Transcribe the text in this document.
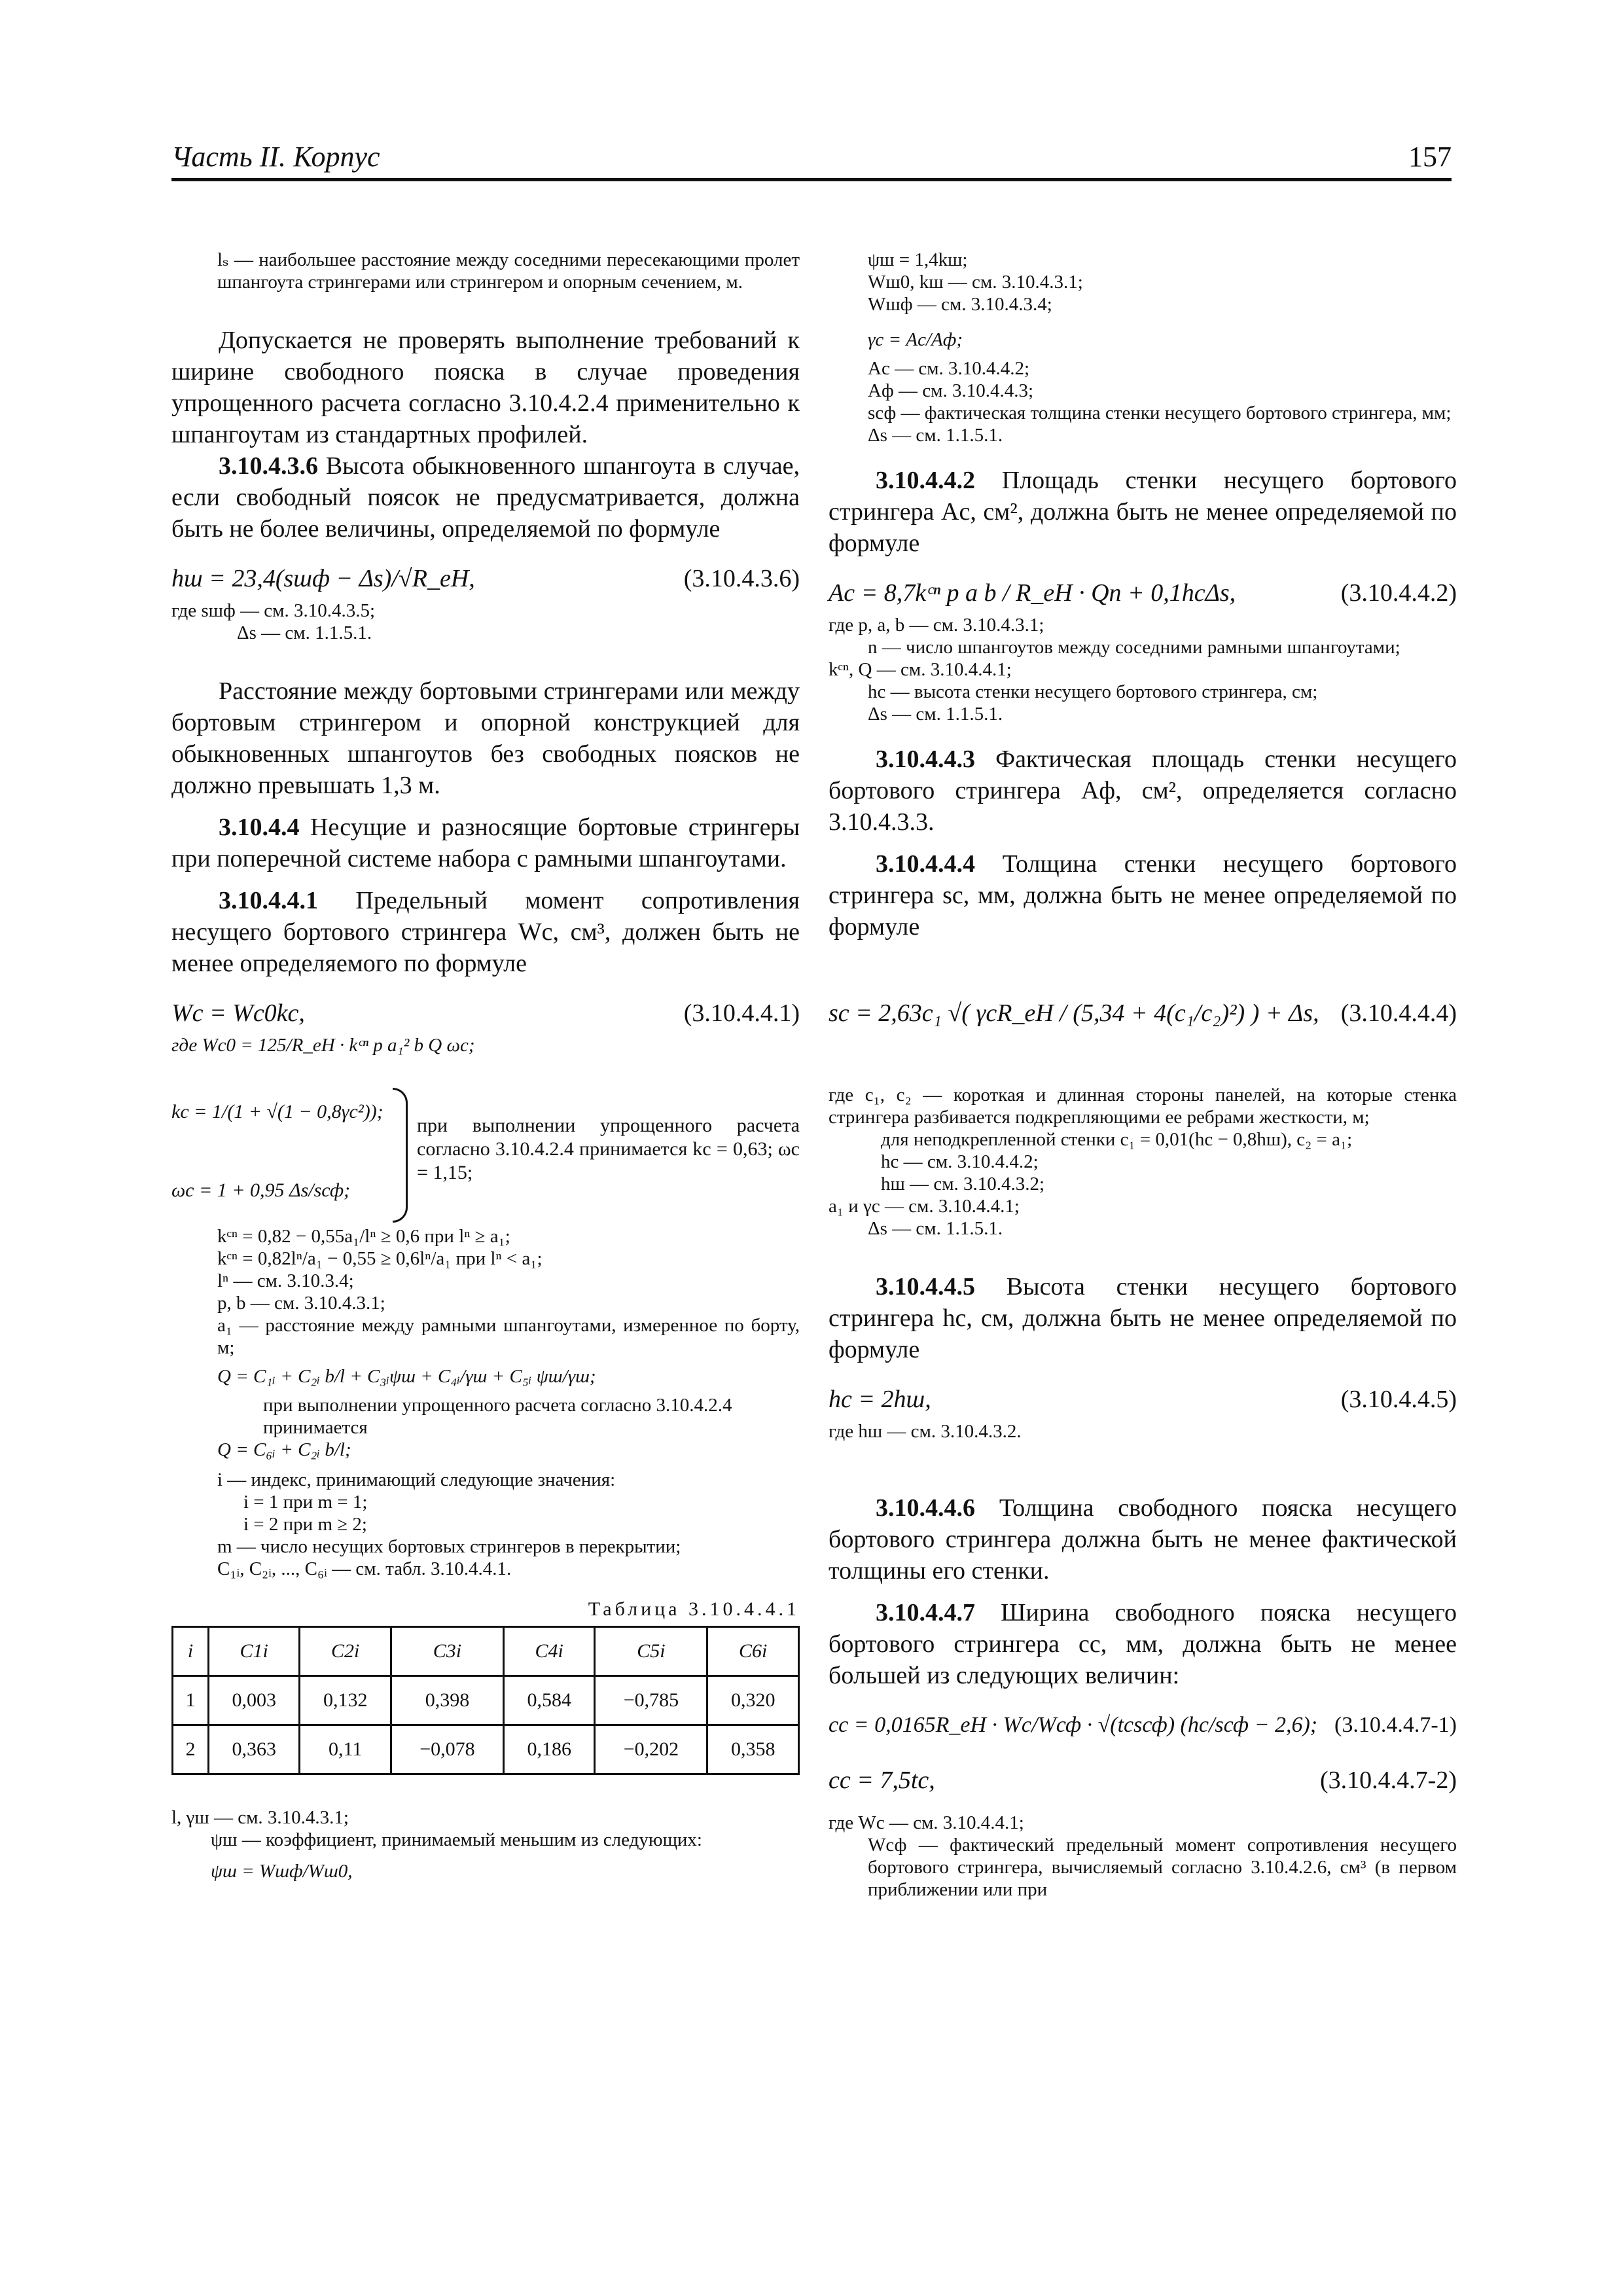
Часть II. Корпус	157

lₛ — наибольшее расстояние между соседними пересекающими пролет шпангоута стрингерами или стрингером и опорным сечением, м.

Допускается не проверять выполнение требований к ширине свободного пояска в случае проведения упрощенного расчета согласно 3.10.4.2.4 применительно к шпангоутам из стандартных профилей.

3.10.4.3.6 Высота обыкновенного шпангоута в случае, если свободный поясок не предусматривается, должна быть не более величины, определяемой по формуле

hш = 23,4(sшф − Δs)/√R_eH,	(3.10.4.3.6)

где sшф — см. 3.10.4.3.5;

Δs — см. 1.1.5.1.

Расстояние между бортовыми стрингерами или между бортовым стрингером и опорной конструкцией для обыкновенных шпангоутов без свободных поясков не должно превышать 1,3 м.

3.10.4.4 Несущие и разносящие бортовые стрингеры при поперечной системе набора с рамными шпангоутами.

3.10.4.4.1 Предельный момент сопротивления несущего бортового стрингера Wс, см³, должен быть не менее определяемого по формуле

Wс = Wс0kс,	(3.10.4.4.1)

где Wс0 = 125/R_eH · kᶜⁿ p a₁² b Q ωс;

kс = 1/(1 + √(1 − 0,8γс²));
ωс = 1 + 0,95 Δs/sсф;
при выполнении упрощенного расчета согласно 3.10.4.2.4 принимается kс = 0,63; ωс = 1,15;

kᶜⁿ = 0,82 − 0,55a₁/lⁿ ≥ 0,6 при lⁿ ≥ a₁;

kᶜⁿ = 0,82lⁿ/a₁ − 0,55 ≥ 0,6lⁿ/a₁ при lⁿ < a₁;

lⁿ — см. 3.10.3.4;

p, b — см. 3.10.4.3.1;

a₁ — расстояние между рамными шпангоутами, измеренное по борту, м;

Q = C₁ᵢ + C₂ᵢ b/l + C₃ᵢψш + C₄ᵢ/γш + C₅ᵢ ψш/γш;

при выполнении упрощенного расчета согласно 3.10.4.2.4 принимается

Q = C₆ᵢ + C₂ᵢ b/l;

i — индекс, принимающий следующие значения:

i = 1 при m = 1;

i = 2 при m ≥ 2;

m — число несущих бортовых стрингеров в перекрытии;

C₁ᵢ, C₂ᵢ, ..., C₆ᵢ — см. табл. 3.10.4.4.1.

Таблица 3.10.4.4.1

i	C1i	C2i	C3i	C4i	C5i	C6i
1	0,003	0,132	0,398	0,584	−0,785	0,320
2	0,363	0,11	−0,078	0,186	−0,202	0,358

l, γш — см. 3.10.4.3.1;

ψш — коэффициент, принимаемый меньшим из следующих:

ψш = Wшф/Wш0,

ψш = 1,4kш;

Wш0, kш — см. 3.10.4.3.1;

Wшф — см. 3.10.4.3.4;

γс = Aс/Aф;

Aс — см. 3.10.4.4.2;

Aф — см. 3.10.4.4.3;

sсф — фактическая толщина стенки несущего бортового стрингера, мм;

Δs — см. 1.1.5.1.

3.10.4.4.2 Площадь стенки несущего бортового стрингера Aс, см², должна быть не менее определяемой по формуле

Aс = 8,7kᶜⁿ p a b / R_eH · Qn + 0,1hсΔs,	(3.10.4.4.2)

где p, a, b — см. 3.10.4.3.1;

n — число шпангоутов между соседними рамными шпангоутами;

kᶜⁿ, Q — см. 3.10.4.4.1;

hс — высота стенки несущего бортового стрингера, см;

Δs — см. 1.1.5.1.

3.10.4.4.3 Фактическая площадь стенки несущего бортового стрингера Aф, см², определяется согласно 3.10.4.3.3.

3.10.4.4.4 Толщина стенки несущего бортового стрингера sс, мм, должна быть не менее определяемой по формуле

sс = 2,63c₁ √( γсR_eH / (5,34 + 4(c₁/c₂)²) ) + Δs, (3.10.4.4.4)

где c₁, c₂ — короткая и длинная стороны панелей, на которые стенка стрингера разбивается подкрепляющими ее ребрами жесткости, м;

для неподкрепленной стенки c₁ = 0,01(hс − 0,8hш), c₂ = a₁;

hс — см. 3.10.4.4.2;

hш — см. 3.10.4.3.2;

a₁ и γс — см. 3.10.4.4.1;

Δs — см. 1.1.5.1.

3.10.4.4.5 Высота стенки несущего бортового стрингера hс, см, должна быть не менее определяемой по формуле

hс = 2hш,	(3.10.4.4.5)

где hш — см. 3.10.4.3.2.

3.10.4.4.6 Толщина свободного пояска несущего бортового стрингера должна быть не менее фактической толщины его стенки.

3.10.4.4.7 Ширина свободного пояска несущего бортового стрингера cс, мм, должна быть не менее большей из следующих величин:

cс = 0,0165R_eH · Wс/Wсф · √(tсsсф) (hс/sсф − 2,6); (3.10.4.4.7-1)
cс = 7,5tс,	(3.10.4.4.7-2)

где Wс — см. 3.10.4.4.1;

Wсф — фактический предельный момент сопротивления несущего бортового стрингера, вычисляемый согласно 3.10.4.2.6, см³ (в первом приближении или при
